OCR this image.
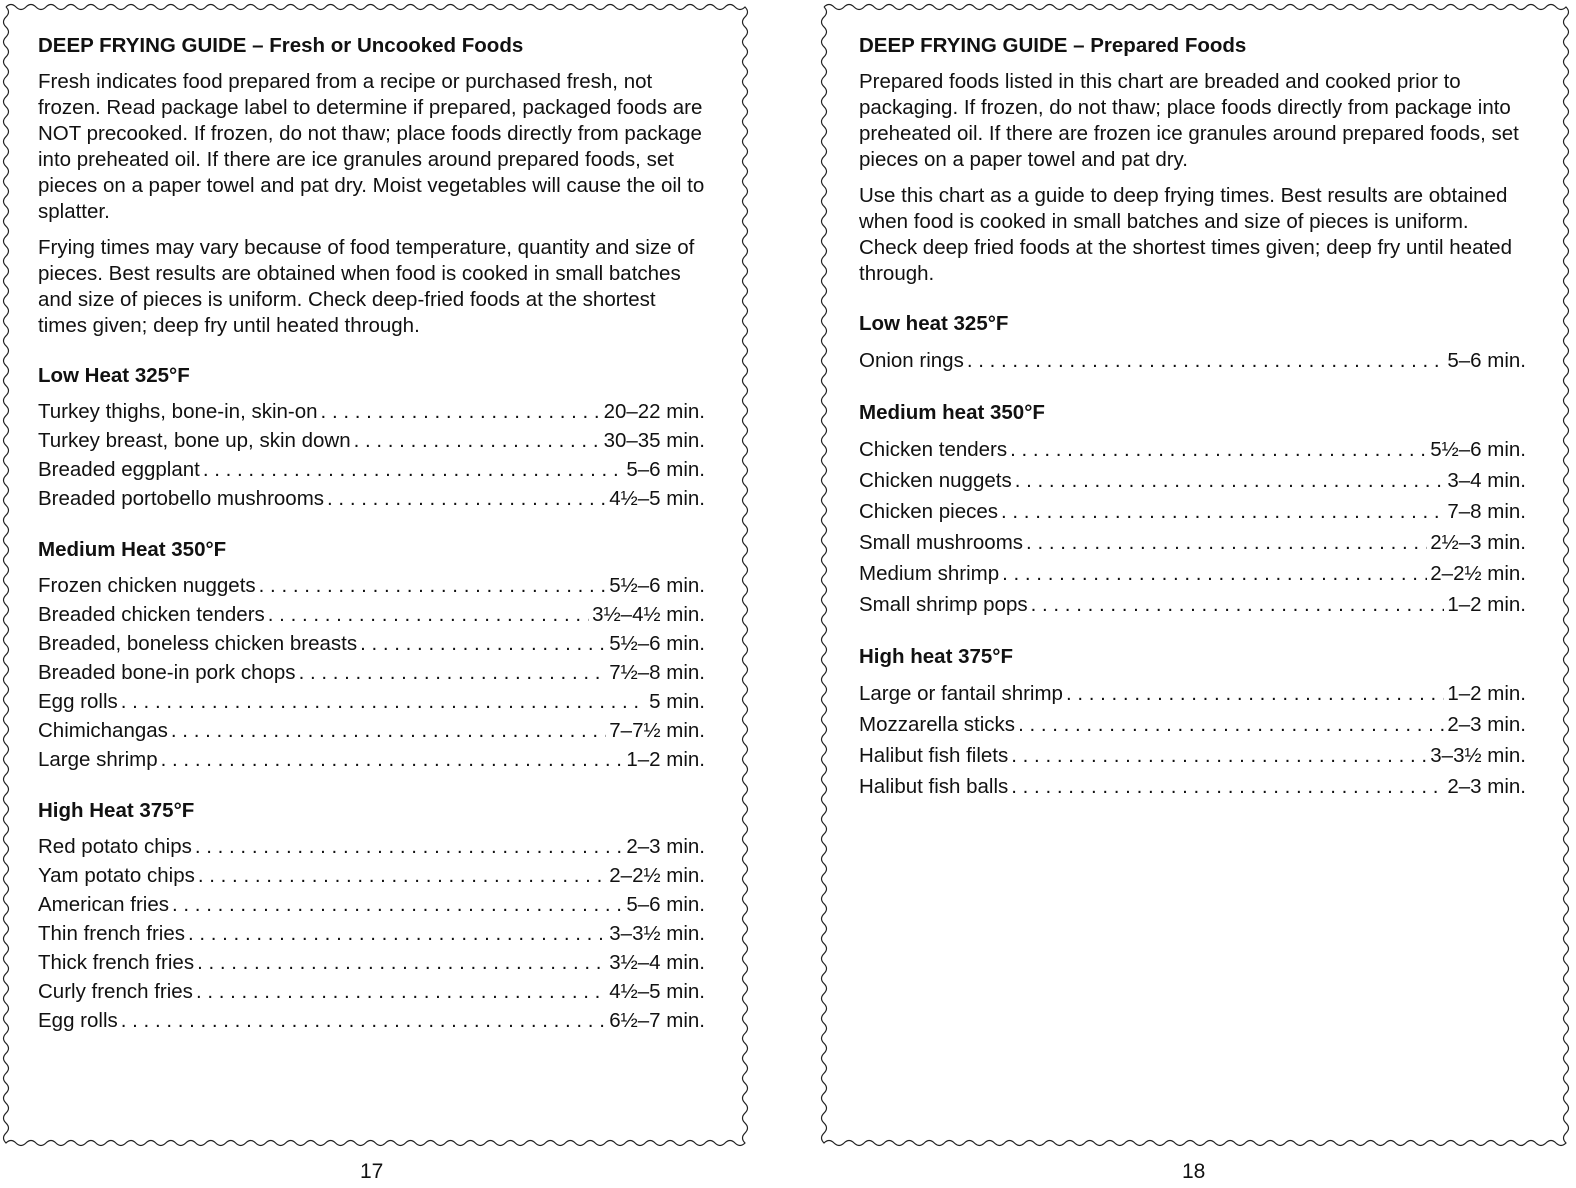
DEEP FRYING GUIDE – Fresh or Uncooked Foods

Fresh indicates food prepared from a recipe or purchased fresh, not frozen. Read package label to determine if prepared, packaged foods are NOT precooked. If frozen, do not thaw; place foods directly from package into preheated oil. If there are ice granules around prepared foods, set pieces on a paper towel and pat dry. Moist vegetables will cause the oil to splatter.

Frying times may vary because of food temperature, quantity and size of pieces. Best results are obtained when food is cooked in small batches and size of pieces is uniform. Check deep-fried foods at the shortest times given; deep fry until heated through.

Low Heat 325°F
Turkey thighs, bone-in, skin-on . . .	20–22 min.
Turkey breast, bone up, skin down . . .	30–35 min.
Breaded eggplant . . .	5–6 min.
Breaded portobello mushrooms . . .	4½–5 min.
Medium Heat 350°F
Frozen chicken nuggets . . .	5½–6 min.
Breaded chicken tenders . . .	3½–4½ min.
Breaded, boneless chicken breasts . . .	5½–6 min.
Breaded bone-in pork chops . . .	7½–8 min.
Egg rolls . . .	5 min.
Chimichangas . . .	7–7½ min.
Large shrimp . . .	1–2 min.
High Heat 375°F
Red potato chips . . .	2–3 min.
Yam potato chips . . .	2–2½ min.
American fries . . .	5–6 min.
Thin french fries . . .	3–3½ min.
Thick french fries . . .	3½–4 min.
Curly french fries . . .	4½–5 min.
Egg rolls . . .	6½–7 min.
DEEP FRYING GUIDE – Prepared Foods

Prepared foods listed in this chart are breaded and cooked prior to packaging. If frozen, do not thaw; place foods directly from package into preheated oil. If there are frozen ice granules around prepared foods, set pieces on a paper towel and pat dry.

Use this chart as a guide to deep frying times. Best results are obtained when food is cooked in small batches and size of pieces is uniform. Check deep fried foods at the shortest times given; deep fry until heated through.

Low heat 325°F
Onion rings . . .	5–6 min.
Medium heat 350°F
Chicken tenders . . .	5½–6 min.
Chicken nuggets . . .	3–4 min.
Chicken pieces . . .	7–8 min.
Small mushrooms . . .	2½–3 min.
Medium shrimp . . .	2–2½ min.
Small shrimp pops . . .	1–2 min.
High heat 375°F
Large or fantail shrimp . . .	1–2 min.
Mozzarella sticks . . .	2–3 min.
Halibut fish filets . . .	3–3½ min.
Halibut fish balls . . .	2–3 min.
17	18
